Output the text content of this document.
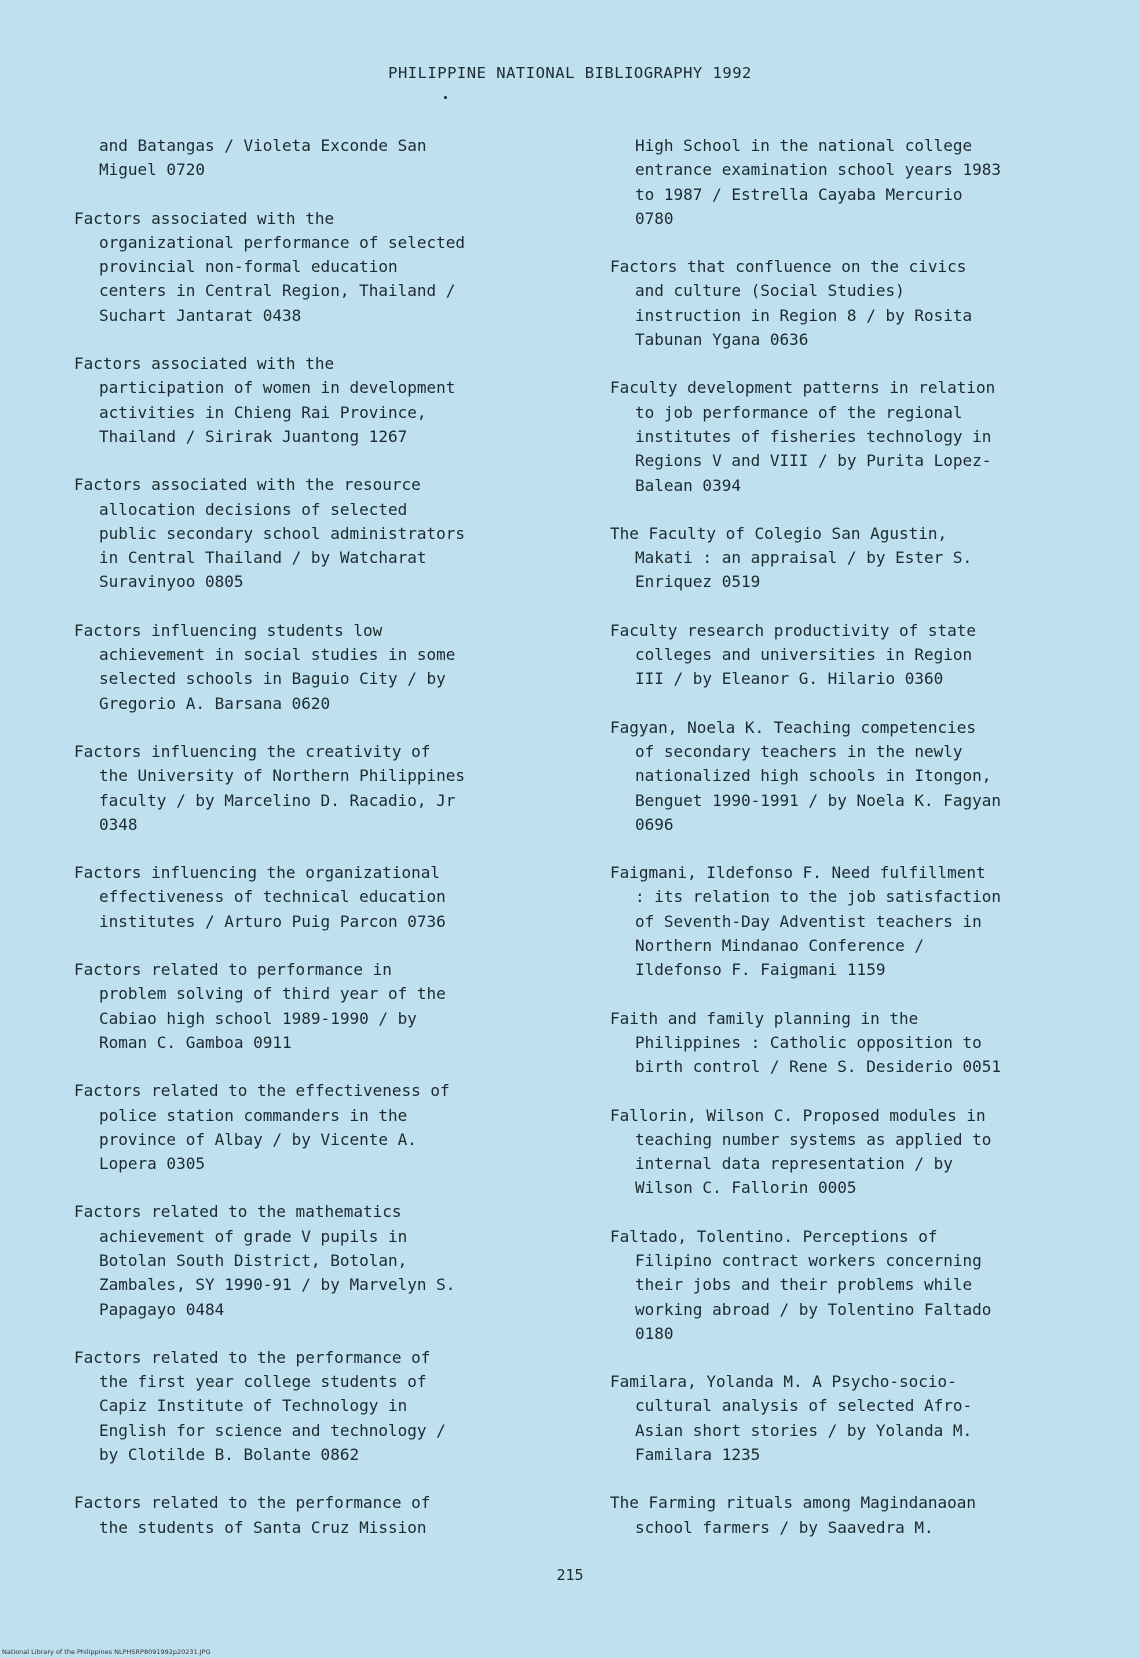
PHILIPPINE NATIONAL BIBLIOGRAPHY 1992
and Batangas / Violeta Exconde San
Miguel 0720
Factors associated with the
organizational performance of selected
provincial non-formal education
centers in Central Region, Thailand /
Suchart Jantarat 0438
Factors associated with the
participation of women in development
activities in Chieng Rai Province,
Thailand / Sirirak Juantong 1267
Factors associated with the resource
allocation decisions of selected
public secondary school administrators
in Central Thailand / by Watcharat
Suravinyoo 0805
Factors influencing students low
achievement in social studies in some
selected schools in Baguio City / by
Gregorio A. Barsana 0620
Factors influencing the creativity of
the University of Northern Philippines
faculty / by Marcelino D. Racadio, Jr
0348
Factors influencing the organizational
effectiveness of technical education
institutes / Arturo Puig Parcon 0736
Factors related to performance in
problem solving of third year of the
Cabiao high school 1989-1990 / by
Roman C. Gamboa 0911
Factors related to the effectiveness of
police station commanders in the
province of Albay / by Vicente A.
Lopera 0305
Factors related to the mathematics
achievement of grade V pupils in
Botolan South District, Botolan,
Zambales, SY 1990-91 / by Marvelyn S.
Papagayo 0484
Factors related to the performance of
the first year college students of
Capiz Institute of Technology in
English for science and technology /
by Clotilde B. Bolante 0862
Factors related to the performance of
the students of Santa Cruz Mission
High School in the national college
entrance examination school years 1983
to 1987 / Estrella Cayaba Mercurio
0780
Factors that confluence on the civics
and culture (Social Studies)
instruction in Region 8 / by Rosita
Tabunan Ygana 0636
Faculty development patterns in relation
to job performance of the regional
institutes of fisheries technology in
Regions V and VIII / by Purita Lopez-
Balean 0394
The Faculty of Colegio San Agustin,
Makati : an appraisal / by Ester S.
Enriquez 0519
Faculty research productivity of state
colleges and universities in Region
III / by Eleanor G. Hilario 0360
Fagyan, Noela K. Teaching competencies
of secondary teachers in the newly
nationalized high schools in Itongon,
Benguet 1990-1991 / by Noela K. Fagyan
0696
Faigmani, Ildefonso F. Need fulfillment
: its relation to the job satisfaction
of Seventh-Day Adventist teachers in
Northern Mindanao Conference /
Ildefonso F. Faigmani 1159
Faith and family planning in the
Philippines : Catholic opposition to
birth control / Rene S. Desiderio 0051
Fallorin, Wilson C. Proposed modules in
teaching number systems as applied to
internal data representation / by
Wilson C. Fallorin 0005
Faltado, Tolentino. Perceptions of
Filipino contract workers concerning
their jobs and their problems while
working abroad / by Tolentino Faltado
0180
Familara, Yolanda M. A Psycho-socio-
cultural analysis of selected Afro-
Asian short stories / by Yolanda M.
Familara 1235
The Farming rituals among Magindanaoan
school farmers / by Saavedra M.
215
National Library of the Philippines NLPHSRP8091992p20231.JPG
